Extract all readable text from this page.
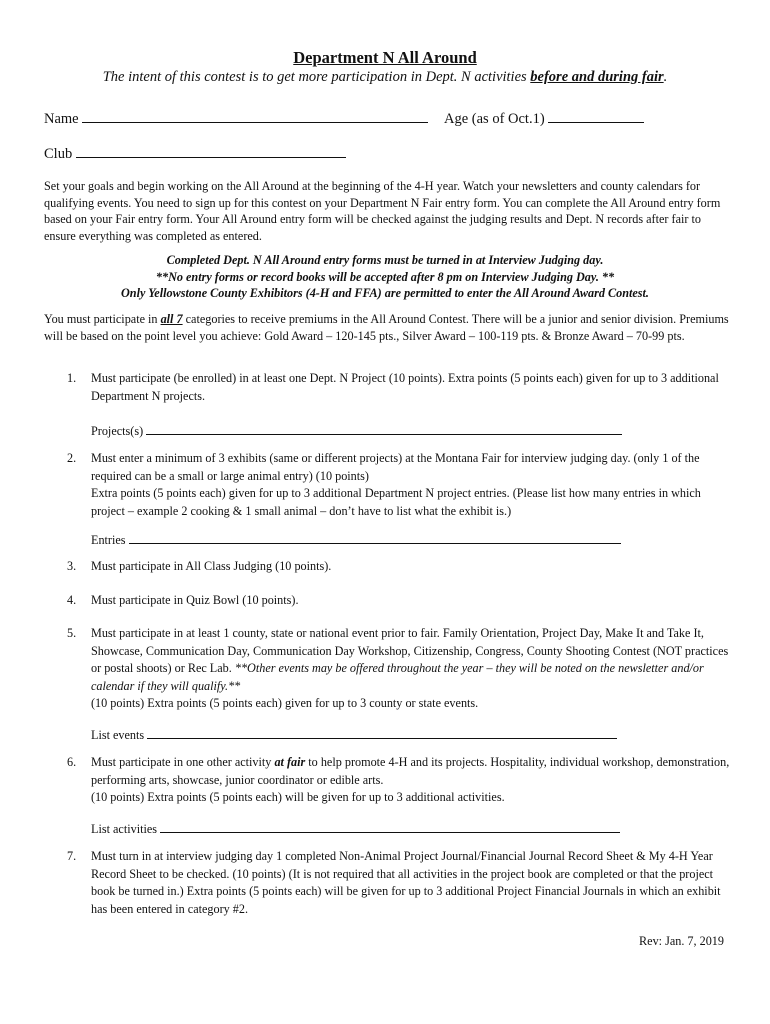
Department N All Around
The intent of this contest is to get more participation in Dept. N activities before and during fair.
Name	Age (as of Oct.1)
Club
Set your goals and begin working on the All Around at the beginning of the 4-H year. Watch your newsletters and county calendars for qualifying events. You need to sign up for this contest on your Department N Fair entry form. You can complete the All Around entry form based on your Fair entry form. Your All Around entry form will be checked against the judging results and Dept. N records after fair to ensure everything was completed as entered.
Completed Dept. N All Around entry forms must be turned in at Interview Judging day.
**No entry forms or record books will be accepted after 8 pm on Interview Judging Day. **
Only Yellowstone County Exhibitors (4-H and FFA) are permitted to enter the All Around Award Contest.
You must participate in all 7 categories to receive premiums in the All Around Contest. There will be a junior and senior division. Premiums will be based on the point level you achieve: Gold Award – 120-145 pts., Silver Award – 100-119 pts. & Bronze Award – 70-99 pts.
1. Must participate (be enrolled) in at least one Dept. N Project (10 points). Extra points (5 points each) given for up to 3 additional Department N projects.

Projects(s)

2. Must enter a minimum of 3 exhibits (same or different projects) at the Montana Fair for interview judging day. (only 1 of the required can be a small or large animal entry) (10 points)

Extra points (5 points each) given for up to 3 additional Department N project entries. (Please list how many entries in which project – example 2 cooking & 1 small animal – don’t have to list what the exhibit is.)

Entries

3. Must participate in All Class Judging (10 points).

4. Must participate in Quiz Bowl (10 points).

5. Must participate in at least 1 county, state or national event prior to fair. Family Orientation, Project Day, Make It and Take It, Showcase, Communication Day, Communication Day Workshop, Citizenship, Congress, County Shooting Contest (NOT practices or postal shoots) or Rec Lab. **Other events may be offered throughout the year – they will be noted on the newsletter and/or calendar if they will qualify.**

(10 points) Extra points (5 points each) given for up to 3 county or state events.

List events

6. Must participate in one other activity at fair to help promote 4-H and its projects. Hospitality, individual workshop, demonstration, performing arts, showcase, junior coordinator or edible arts.

(10 points) Extra points (5 points each) will be given for up to 3 additional activities.

List activities

7. Must turn in at interview judging day 1 completed Non-Animal Project Journal/Financial Journal Record Sheet & My 4-H Year Record Sheet to be checked. (10 points) (It is not required that all activities in the project book are completed or that the project book be turned in.) Extra points (5 points each) will be given for up to 3 additional Project Financial Journals in which an exhibit has been entered in category #2.

Rev: Jan. 7, 2019
